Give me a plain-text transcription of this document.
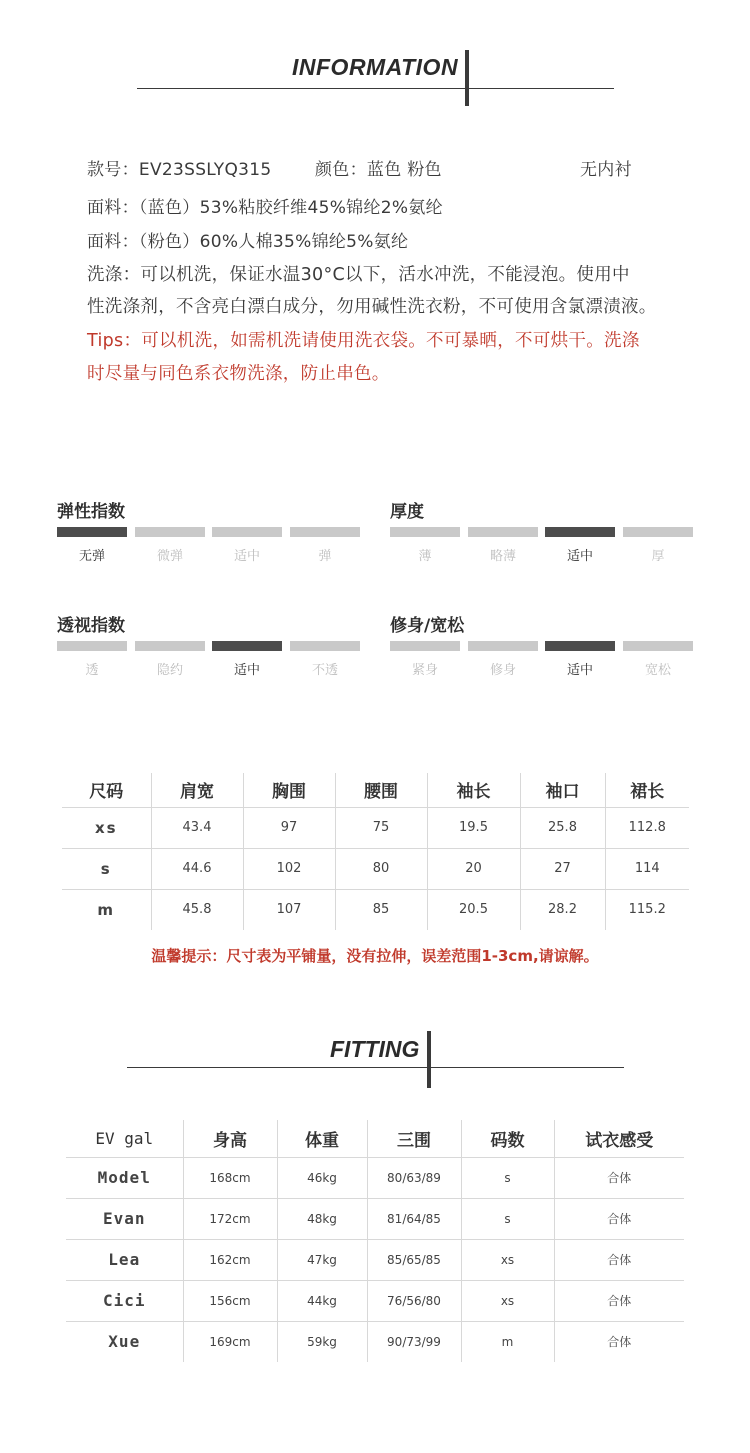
INFORMATION
款号：EV23SSLYQ315	颜色：蓝色 粉色	无内衬
面料：（蓝色）53%粘胶纤维45%锦纶2%氨纶
面料：（粉色）60%人棉35%锦纶5%氨纶
洗涤：可以机洗，保证水温30°C以下，活水冲洗，不能浸泡。使用中
性洗涤剂，不含亮白漂白成分，勿用碱性洗衣粉，不可使用含氯漂渍液。
Tips：可以机洗，如需机洗请使用洗衣袋。不可暴晒，不可烘干。洗涤
时尽量与同色系衣物洗涤，防止串色。
弹性指数
无弹	微弹	适中	弹
厚度
薄	略薄	适中	厚
透视指数
透	隐约	适中	不透
修身/宽松
紧身	修身	适中	宽松
尺码	肩宽	胸围	腰围	袖长	袖口	裙长
xs	43.4	97	75	19.5	25.8	112.8
s	44.6	102	80	20	27	114
m	45.8	107	85	20.5	28.2	115.2
温馨提示：尺寸表为平铺量，没有拉伸，误差范围1-3cm,请谅解。
FITTING
EV gal	身高	体重	三围	码数	试衣感受
Model	168cm	46kg	80/63/89	s	合体
Evan	172cm	48kg	81/64/85	s	合体
Lea	162cm	47kg	85/65/85	xs	合体
Cici	156cm	44kg	76/56/80	xs	合体
Xue	169cm	59kg	90/73/99	m	合体
